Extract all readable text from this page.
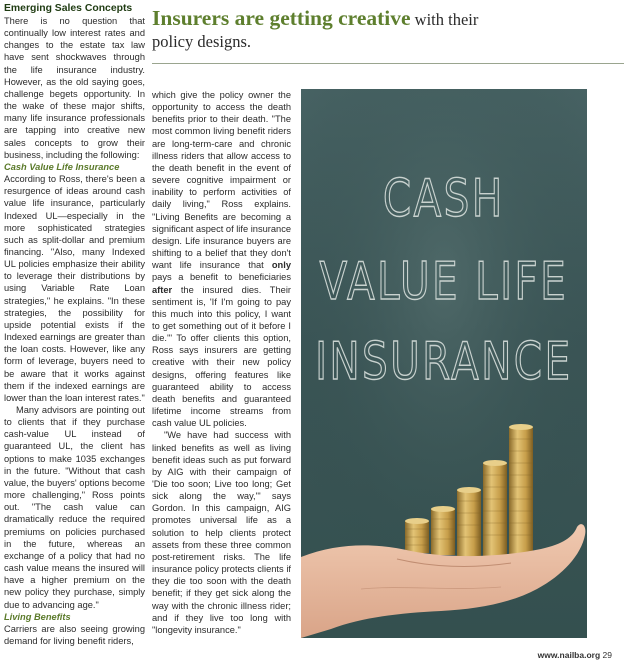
Insurers are getting creative with their
policy designs.

Emerging Sales Concepts

There is no question that continually low interest rates and changes to the estate tax law have sent shockwaves through the life insurance industry. However, as the old saying goes, challenge begets opportunity. In the wake of these major shifts, many life insurance professionals are tapping into creative new sales concepts to grow their business, including the following:

Cash Value Life Insurance

According to Ross, there's been a resurgence of ideas around cash value life insurance, particularly Indexed UL—especially in the more sophisticated strategies such as split-dollar and premium financing. "Also, many Indexed UL policies emphasize their ability to leverage their distributions by using Variable Rate Loan strategies," he explains. "In these strategies, the possibility for upside potential exists if the Indexed earnings are greater than the loan costs. However, like any form of leverage, buyers need to be aware that it works against them if the indexed earnings are lower than the loan interest rates."

Many advisors are pointing out to clients that if they purchase cash-value UL instead of guaranteed UL, the client has options to make 1035 exchanges in the future. "Without that cash value, the buyers' options become more challenging," Ross points out. "The cash value can dramatically reduce the required premiums on policies purchased in the future, whereas an exchange of a policy that had no cash value means the insured will have a higher premium on the new policy they purchase, simply due to advancing age."

Living Benefits

Carriers are also seeing growing demand for living benefit riders,

which give the policy owner the opportunity to access the death benefits prior to their death. "The most common living benefit riders are long-term-care and chronic illness riders that allow access to the death benefit in the event of severe cognitive impairment or inability to perform activities of daily living," Ross explains. "Living Benefits are becoming a significant aspect of life insurance design. Life insurance buyers are shifting to a belief that they don't want life insurance that only pays a benefit to beneficiaries after the insured dies. Their sentiment is, 'If I'm going to pay this much into this policy, I want to get something out of it before I die.'" To offer clients this option, Ross says insurers are getting creative with their new policy designs, offering features like guaranteed ability to access death benefits and guaranteed lifetime income streams from cash value UL policies.

"We have had success with linked benefits as well as living benefit ideas such as put forward by AIG with their campaign of 'Die too soon; Live too long; Get sick along the way,'" says Gordon. In this campaign, AIG promotes universal life as a solution to help clients protect assets from these three common post-retirement risks. The life insurance policy protects clients if they die too soon with the death benefit; if they get sick along the way with the chronic illness rider; and if they live too long with "longevity insurance."

CASH
VALUE LIFE
INSURANCE
www.nailba.org 29
